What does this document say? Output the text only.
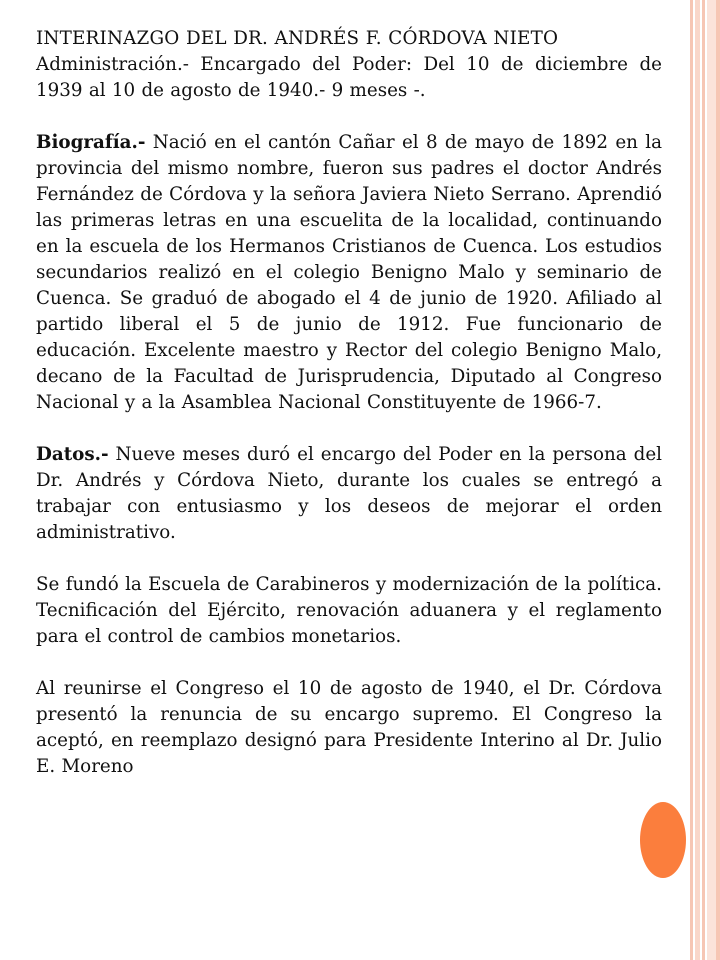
INTERINAZGO DEL DR. ANDRÉS F. CÓRDOVA NIETO

Administración.- Encargado del Poder: Del 10 de diciembre de 1939 al 10 de agosto de 1940.- 9 meses -.

Biografía.- Nació en el cantón Cañar el 8 de mayo de 1892 en la provincia del mismo nombre, fueron sus padres el doctor Andrés Fernández de Córdova y la señora Javiera Nieto Serrano. Aprendió las primeras letras en una escuelita de la localidad, continuando en la escuela de los Hermanos Cristianos de Cuenca. Los estudios secundarios realizó en el colegio Benigno Malo y seminario de Cuenca. Se graduó de abogado el 4 de junio de 1920. Afiliado al partido liberal el 5 de junio de 1912. Fue funcionario de educación. Excelente maestro y Rector del colegio Benigno Malo, decano de la Facultad de Jurisprudencia, Diputado al Congreso Nacional y a la Asamblea Nacional Constituyente de 1966-7.

Datos.- Nueve meses duró el encargo del Poder en la persona del Dr. Andrés y Córdova Nieto, durante los cuales se entregó a trabajar con entusiasmo y los deseos de mejorar el orden administrativo.

Se fundó la Escuela de Carabineros y modernización de la política. Tecnificación del Ejército, renovación aduanera y el reglamento para el control de cambios monetarios.

Al reunirse el Congreso el 10 de agosto de 1940, el Dr. Córdova presentó la renuncia de su encargo supremo. El Congreso la aceptó, en reemplazo designó para Presidente Interino al Dr. Julio E. Moreno
